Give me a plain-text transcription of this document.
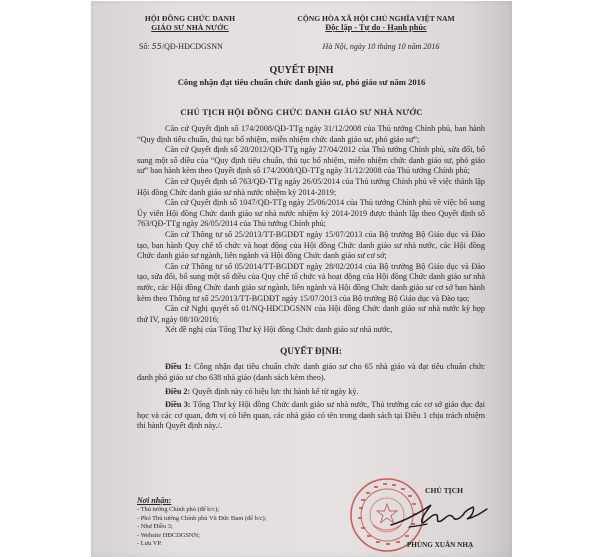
HỘI ĐỒNG CHỨC DANH
GIÁO SƯ NHÀ NƯỚC
CỘNG HÒA XÃ HỘI CHỦ NGHĨA VIỆT NAM
Độc lập - Tự do - Hạnh phúc
Số: 55/QĐ-HĐCDGSNN	Hà Nội, ngày 10 tháng 10 năm 2016
QUYẾT ĐỊNH
Công nhận đạt tiêu chuẩn chức danh giáo sư, phó giáo sư năm 2016
CHỦ TỊCH HỘI ĐỒNG CHỨC DANH GIÁO SƯ NHÀ NƯỚC

Căn cứ Quyết định số 174/2008/QĐ-TTg ngày 31/12/2008 của Thủ tướng Chính phủ, ban hành “Quy định tiêu chuẩn, thủ tục bổ nhiệm, miễn nhiệm chức danh giáo sư, phó giáo sư”;

Căn cứ Quyết định số 20/2012/QĐ-TTg ngày 27/04/2012 của Thủ tướng Chính phủ, sửa đổi, bổ sung một số điều của “Quy định tiêu chuẩn, thủ tục bổ nhiệm, miễn nhiệm chức danh giáo sư, phó giáo sư” ban hành kèm theo Quyết định số 174/2008/QĐ-TTg ngày 31/12/2008 của Thủ tướng Chính phủ;

Căn cứ Quyết định số 763/QĐ-TTg ngày 26/05/2014 của Thủ tướng Chính phủ về việc thành lập Hội đồng Chức danh giáo sư nhà nước nhiệm kỳ 2014-2019;

Căn cứ Quyết định số 1047/QĐ-TTg ngày 25/06/2014 của Thủ tướng Chính phủ về việc bổ sung Ủy viên Hội đồng Chức danh giáo sư nhà nước nhiệm kỳ 2014-2019 được thành lập theo Quyết định số 763/QĐ-TTg ngày 26/05/2014 của Thủ tướng Chính phủ;

Căn cứ Thông tư số 25/2013/TT-BGDĐT ngày 15/07/2013 của Bộ trưởng Bộ Giáo dục và Đào tạo, ban hành Quy chế tổ chức và hoạt động của Hội đồng Chức danh giáo sư nhà nước, các Hội đồng Chức danh giáo sư ngành, liên ngành và Hội đồng Chức danh giáo sư cơ sở;

Căn cứ Thông tư số 05/2014/TT-BGDĐT ngày 28/02/2014 của Bộ trưởng Bộ Giáo dục và Đào tạo, sửa đổi, bổ sung một số điều của Quy chế tổ chức và hoạt động của Hội đồng Chức danh giáo sư nhà nước, các Hội đồng Chức danh giáo sư ngành, liên ngành và Hội đồng Chức danh giáo sư cơ sở ban hành kèm theo Thông tư số 25/2013/TT-BGDĐT ngày 15/07/2013 của Bộ trưởng Bộ Giáo dục và Đào tạo;

Căn cứ Nghị quyết số 01/NQ-HĐCDGSNN của Hội đồng Chức danh giáo sư nhà nước kỳ họp thứ IV, ngày 08/10/2016;

Xét đề nghị của Tổng Thư ký Hội đồng Chức danh giáo sư nhà nước,

QUYẾT ĐỊNH:

Điều 1: Công nhận đạt tiêu chuẩn chức danh giáo sư cho 65 nhà giáo và đạt tiêu chuẩn chức danh phó giáo sư cho 638 nhà giáo (danh sách kèm theo).

Điều 2: Quyết định này có hiệu lực thi hành kể từ ngày ký.

Điều 3: Tổng Thư ký Hội đồng Chức danh giáo sư nhà nước, Thủ trưởng các cơ sở giáo dục đại học và các cơ quan, đơn vị có liên quan, các nhà giáo có tên trong danh sách tại Điều 1 chịu trách nhiệm thi hành Quyết định này./.

Nơi nhận:
- Thủ tướng Chính phủ (để b/c);
- Phó Thủ tướng Chính phủ Vũ Đức Đam (để b/c);
- Như Điều 3;
- Website HĐCDGSNN;
- Lưu VP.
CHỦ TỊCH
PHÙNG XUÂN NHẠ
